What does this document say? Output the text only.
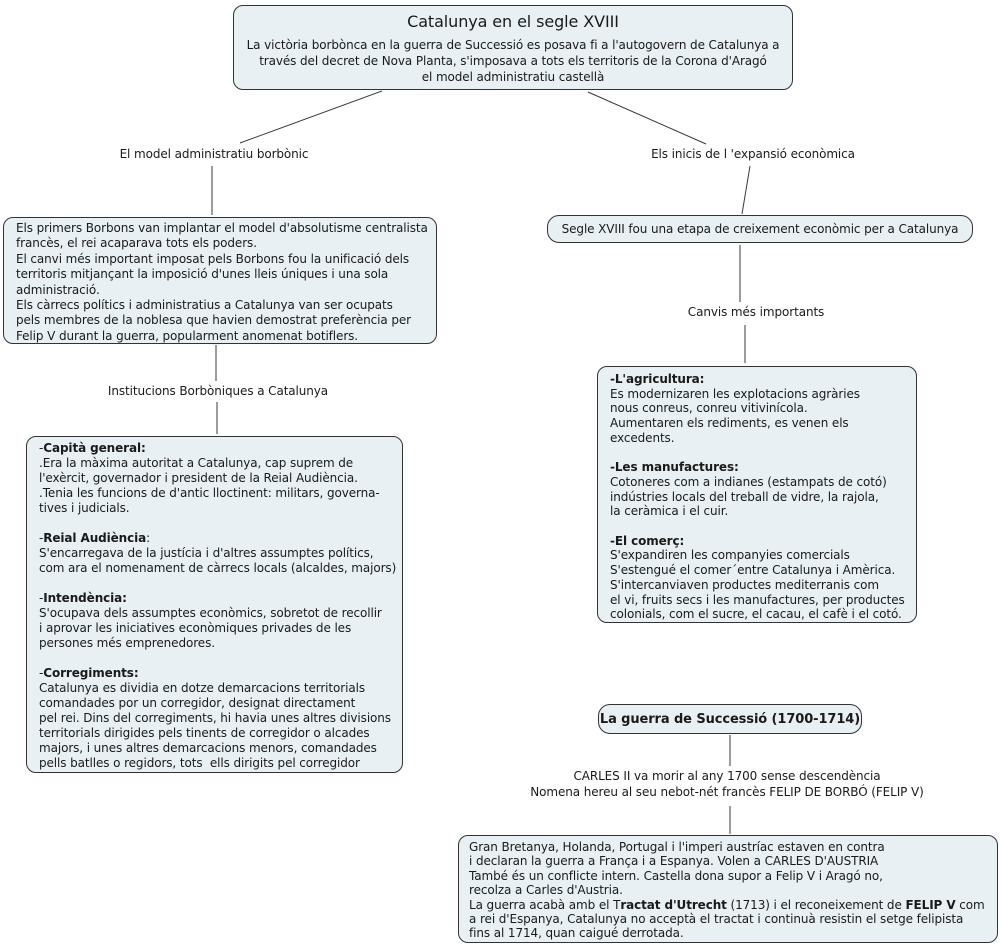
Catalunya en el segle XVIII
La victòria borbònca en la guerra de Successió es posava fi a l'autogovern de Catalunya a
través del decret de Nova Planta, s'imposava a tots els territoris de la Corona d'Aragó
el model administratiu castellà
El model administratiu borbònic
Els primers Borbons van implantar el model d'absolutisme centralista
francès, el rei acaparava tots els poders.
El canvi més important imposat pels Borbons fou la unificació dels
territoris mitjançant la imposició d'unes lleis úniques i una sola
administració.
Els càrrecs polítics i administratius a Catalunya van ser ocupats
pels membres de la noblesa que havien demostrat preferència per
Felip V durant la guerra, popularment anomenat botiflers.
Institucions Borbòniques a Catalunya
-Capità general:
.Era la màxima autoritat a Catalunya, cap suprem de
l'exèrcit, governador i president de la Reial Audiència.
.Tenia les funcions de d'antic lloctinent: militars, governa-
tives i judicials.

-Reial Audiència:
S'encarregava de la justícia i d'altres assumptes polítics,
com ara el nomenament de càrrecs locals (alcaldes, majors)

-Intendència:
S'ocupava dels assumptes econòmics, sobretot de recollir
i aprovar les iniciatives econòmiques privades de les
persones més emprenedores.

-Corregiments:
Catalunya es dividia en dotze demarcacions territorials
comandades por un corregidor, designat directament
pel rei. Dins del corregiments, hi havia unes altres divisions
territorials dirigides pels tinents de corregidor o alcades
majors, i unes altres demarcacions menors, comandades
pells batlles o regidors, tots  ells dirigits pel corregidor
Els inicis de l 'expansió econòmica
Segle XVIII fou una etapa de creixement econòmic per a Catalunya
Canvis més importants
-L'agricultura:
Es modernizaren les explotacions agràries
nous conreus, conreu vitivinícola.
Aumentaren els rediments, es venen els
excedents.

-Les manufactures:
Cotoneres com a indianes (estampats de cotó)
indústries locals del treball de vidre, la rajola,
la ceràmica i el cuir.

-El comerç:
S'expandiren les companyies comercials
S'estengué el comer´entre Catalunya i Amèrica.
S'intercanviaven productes mediterranis com
el vi, fruits secs i les manufactures, per productes
colonials, com el sucre, el cacau, el cafè i el cotó.
La guerra de Successió (1700-1714)
CARLES II va morir al any 1700 sense descendència
Nomena hereu al seu nebot-nét francès FELIP DE BORBÓ (FELIP V)
Gran Bretanya, Holanda, Portugal i l'imperi austríac estaven en contra
i declaran la guerra a França i a Espanya. Volen a CARLES D'AUSTRIA
També és un conflicte intern. Castella dona supor a Felip V i Aragó no,
recolza a Carles d'Austria.
La guerra acabà amb el Tractat d'Utrecht (1713) i el reconeixement de FELIP V com
a rei d'Espanya, Catalunya no acceptà el tractat i continuà resistin el setge felipista
fins al 1714, quan caigué derrotada.
